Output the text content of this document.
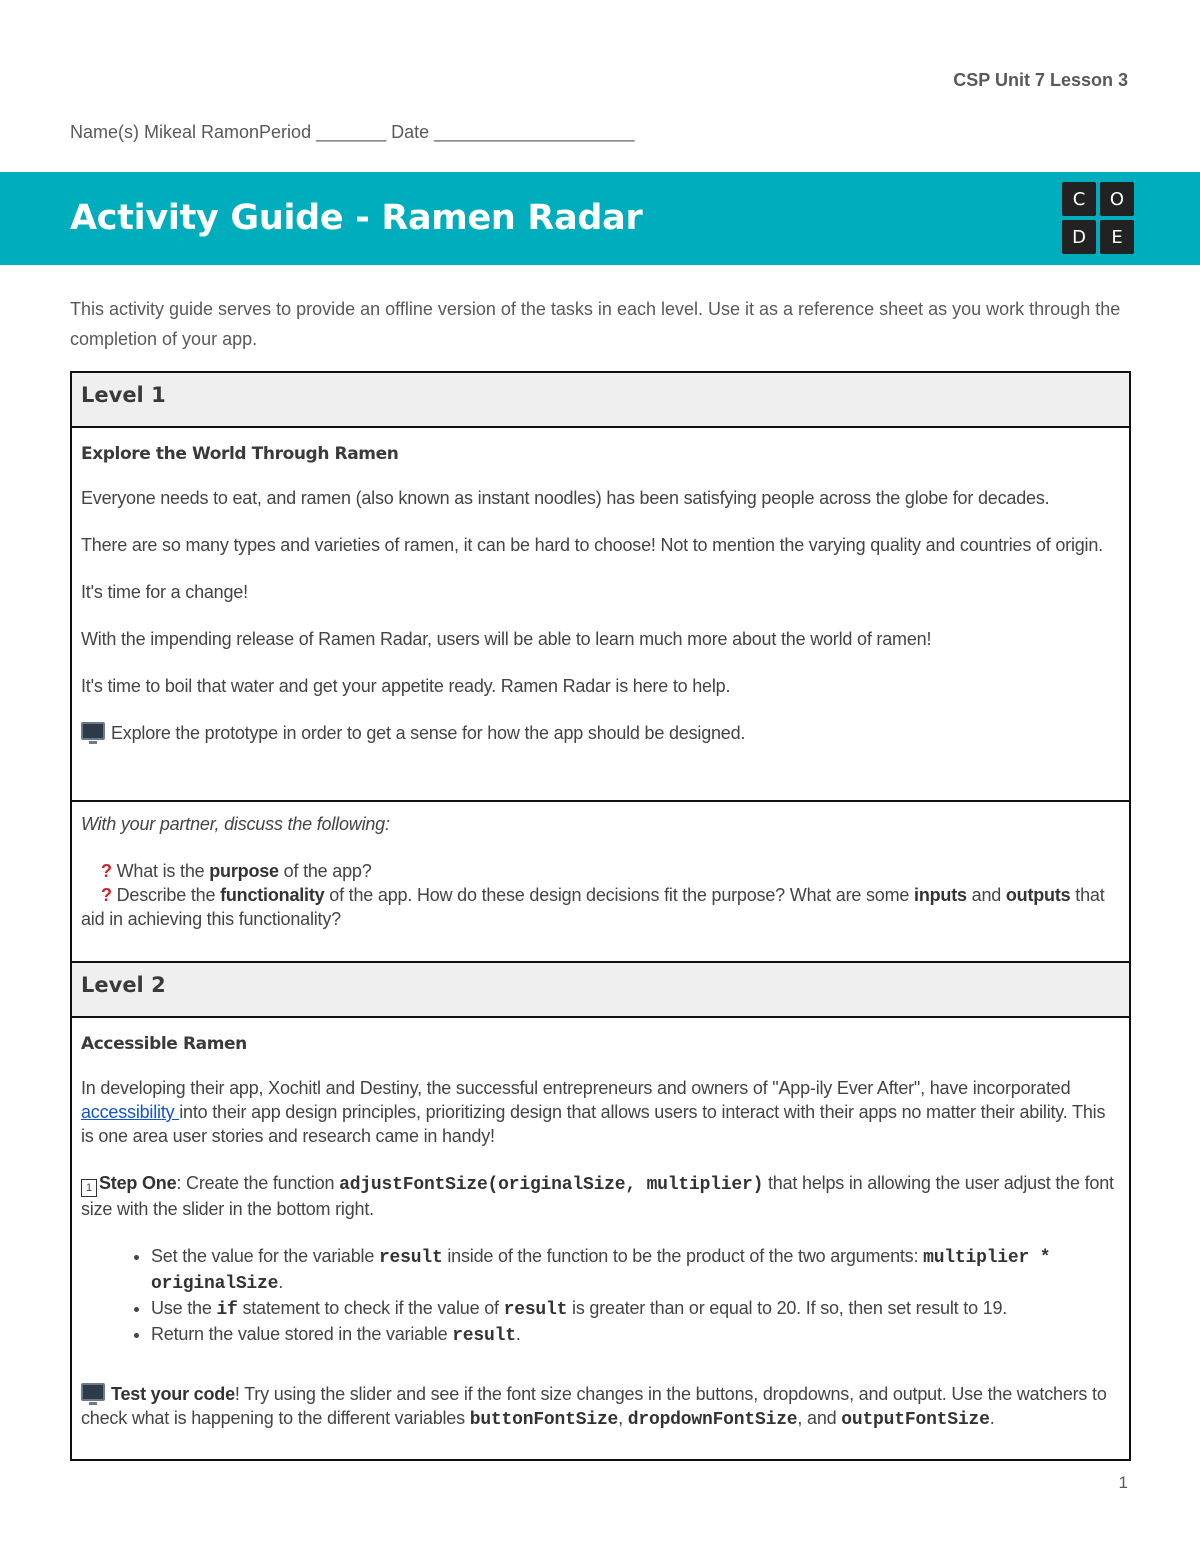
CSP Unit 7 Lesson 3
Name(s) Mikeal RamonPeriod _______ Date ____________________
Activity Guide - Ramen Radar	C	O
D	E
This activity guide serves to provide an offline version of the tasks in each level. Use it as a reference sheet as you work through the completion of your app.
Level 1
Explore the World Through Ramen
Everyone needs to eat, and ramen (also known as instant noodles) has been satisfying people across the globe for decades.
There are so many types and varieties of ramen, it can be hard to choose! Not to mention the varying quality and countries of origin.
It's time for a change!
With the impending release of Ramen Radar, users will be able to learn much more about the world of ramen!
It's time to boil that water and get your appetite ready. Ramen Radar is here to help.
Explore the prototype in order to get a sense for how the app should be designed.
With your partner, discuss the following:
? What is the purpose of the app?
? Describe the functionality of the app. How do these design decisions fit the purpose? What are some inputs and outputs that aid in achieving this functionality?
Level 2
Accessible Ramen
In developing their app, Xochitl and Destiny, the successful entrepreneurs and owners of "App-ily Ever After", have incorporated accessibility into their app design principles, prioritizing design that allows users to interact with their apps no matter their ability. This is one area user stories and research came in handy!
1 Step One: Create the function adjustFontSize(originalSize, multiplier) that helps in allowing the user adjust the font size with the slider in the bottom right.
• Set the value for the variable result inside of the function to be the product of the two arguments: multiplier * originalSize.
• Use the if statement to check if the value of result is greater than or equal to 20. If so, then set result to 19.
• Return the value stored in the variable result.
Test your code! Try using the slider and see if the font size changes in the buttons, dropdowns, and output. Use the watchers to check what is happening to the different variables buttonFontSize, dropdownFontSize, and outputFontSize.
1
